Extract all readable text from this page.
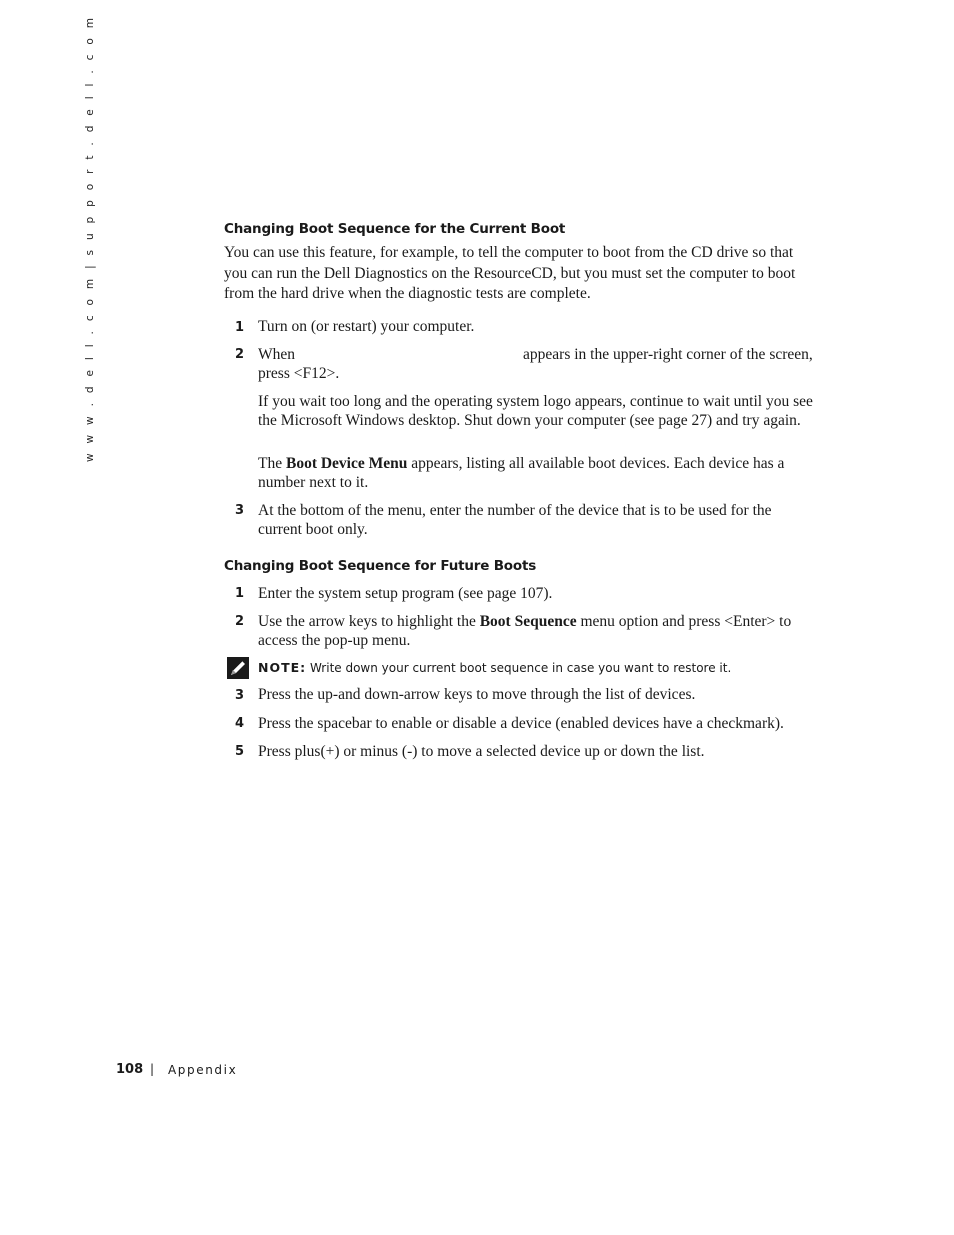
w w w . d e l l . c o m | s u p p o r t . d e l l . c o m	Changing Boot Sequence for the Current Boot
You can use this feature, for example, to tell the computer to boot from the CD drive so that you can run the Dell Diagnostics on the ResourceCD, but you must set the computer to boot from the hard drive when the diagnostic tests are complete.
1 Turn on (or restart) your computer.
2 When	appears in the upper-right corner of the screen, press <F12>.
If you wait too long and the operating system logo appears, continue to wait until you see the Microsoft Windows desktop. Shut down your computer (see page 27) and try again.
The Boot Device Menu appears, listing all available boot devices. Each device has a number next to it.
3 At the bottom of the menu, enter the number of the device that is to be used for the current boot only.
Changing Boot Sequence for Future Boots
1 Enter the system setup program (see page 107).
2 Use the arrow keys to highlight the Boot Sequence menu option and press <Enter> to access the pop-up menu.
NOTE: Write down your current boot sequence in case you want to restore it.
3 Press the up-and down-arrow keys to move through the list of devices.
4 Press the spacebar to enable or disable a device (enabled devices have a checkmark).
5 Press plus(+) or minus (-) to move a selected device up or down the list.
108 | Appendix
